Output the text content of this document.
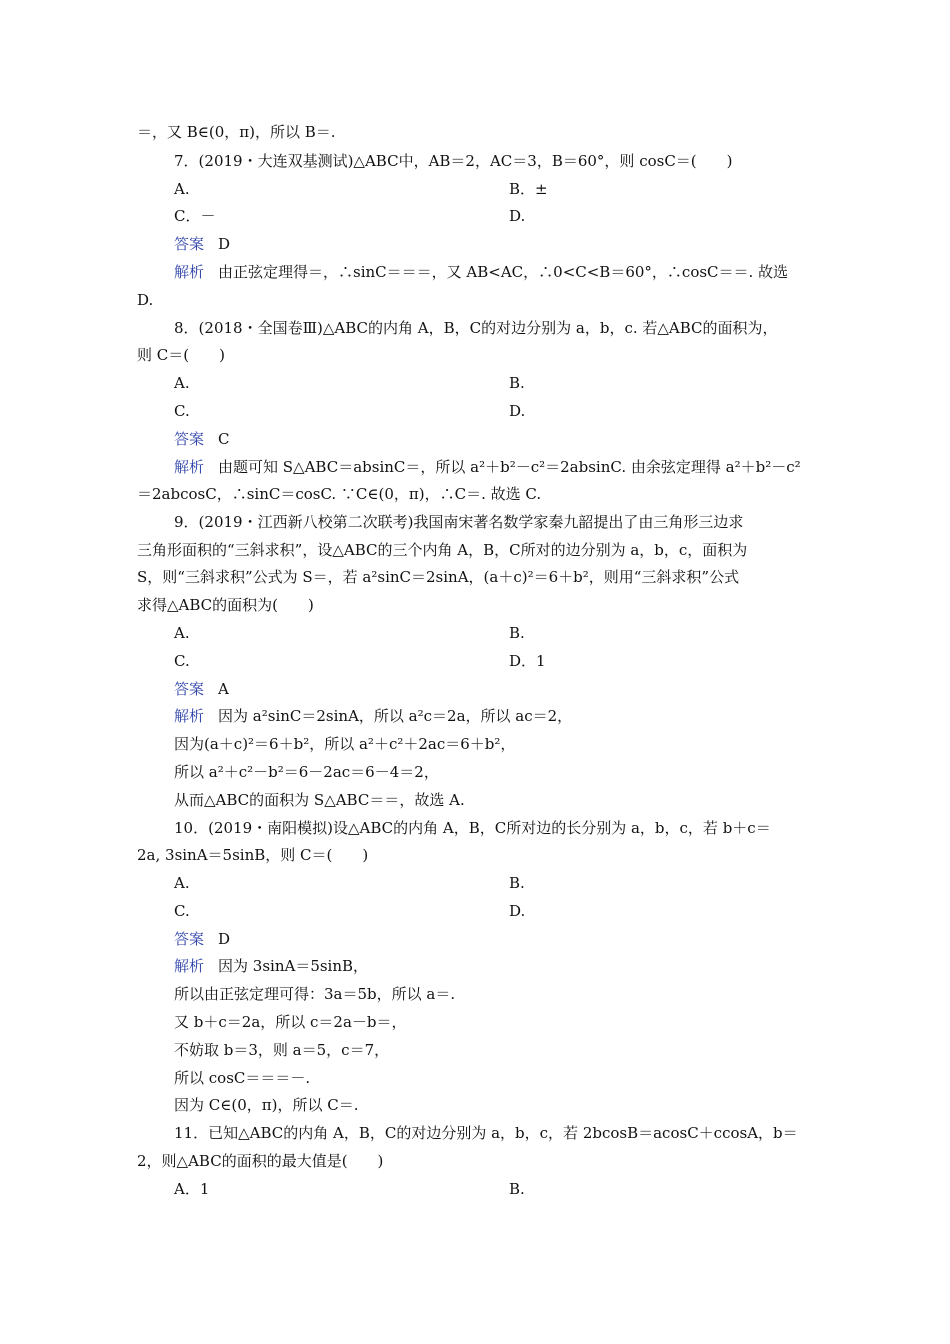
＝，又 B∈(0，π)，所以 B＝.
7．(2019・大连双基测试)△ABC中，AB＝2，AC＝3，B＝60°，则 cosC＝(　　)
A.	B．±
C．－	D.
答案 D
解析 由正弦定理得＝，∴sinC＝＝＝，又 AB<AC，∴0<C<B＝60°，∴cosC＝＝. 故选
D.
8．(2018・全国卷Ⅲ)△ABC的内角 A，B，C的对边分别为 a，b，c. 若△ABC的面积为，
则 C＝(　　)
A.	B.
C.	D.
答案 C
解析 由题可知 S△ABC＝absinC＝，所以 a²＋b²－c²＝2absinC. 由余弦定理得 a²＋b²－c²
＝2abcosC，∴sinC＝cosC. ∵C∈(0，π)，∴C＝. 故选 C.
9．(2019・江西新八校第二次联考)我国南宋著名数学家秦九韶提出了由三角形三边求
三角形面积的“三斜求积”，设△ABC的三个内角 A，B，C所对的边分别为 a，b，c，面积为
S，则“三斜求积”公式为 S＝，若 a²sinC＝2sinA，(a＋c)²＝6＋b²，则用“三斜求积”公式
求得△ABC的面积为(　　)
A.	B.
C.	D．1
答案 A
解析 因为 a²sinC＝2sinA，所以 a²c＝2a，所以 ac＝2，
因为(a＋c)²＝6＋b²，所以 a²＋c²＋2ac＝6＋b²，
所以 a²＋c²－b²＝6－2ac＝6－4＝2，
从而△ABC的面积为 S△ABC＝＝，故选 A.
10．(2019・南阳模拟)设△ABC的内角 A，B，C所对边的长分别为 a，b，c，若 b＋c＝
2a, 3sinA＝5sinB，则 C＝(　　)
A.	B.
C.	D.
答案 D
解析 因为 3sinA＝5sinB，
所以由正弦定理可得：3a＝5b，所以 a＝.
又 b＋c＝2a，所以 c＝2a－b＝，
不妨取 b＝3，则 a＝5，c＝7，
所以 cosC＝＝＝－.
因为 C∈(0，π)，所以 C＝.
11．已知△ABC的内角 A，B，C的对边分别为 a，b，c，若 2bcosB＝acosC＋ccosA，b＝
2，则△ABC的面积的最大值是(　　)
A．1	B.
